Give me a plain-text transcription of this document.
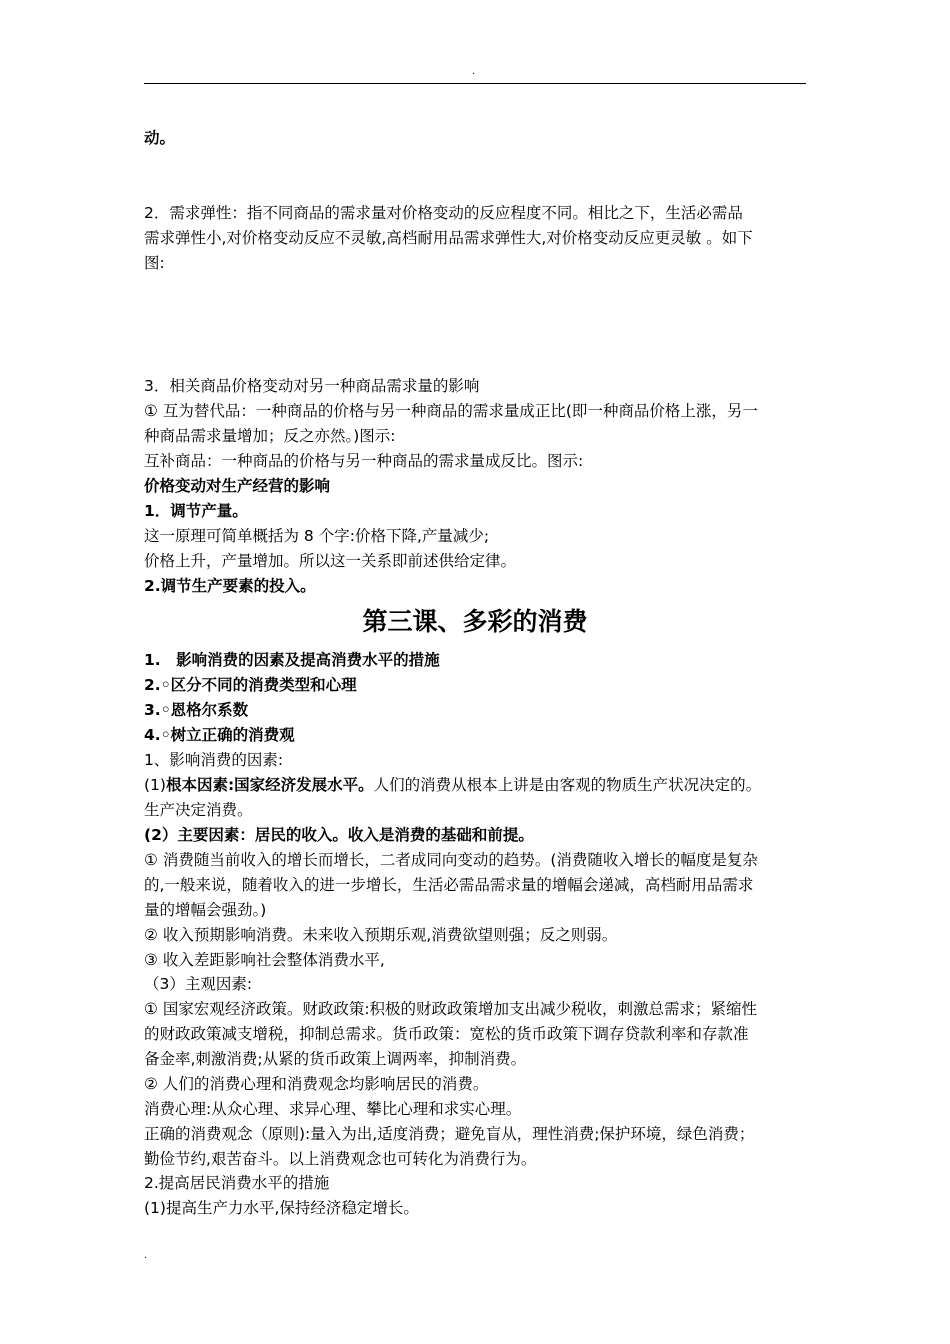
.
动。
2．需求弹性：指不同商品的需求量对价格变动的反应程度不同。相比之下，生活必需品
需求弹性小,对价格变动反应不灵敏,高档耐用品需求弹性大,对价格变动反应更灵敏 。如下
图:
3．相关商品价格变动对另一种商品需求量的影响
① 互为替代品：一种商品的价格与另一种商品的需求量成正比(即一种商品价格上涨，另一
种商品需求量增加；反之亦然。)图示:
互补商品：一种商品的价格与另一种商品的需求量成反比。图示:
价格变动对生产经营的影响
1．调节产量。
这一原理可简单概括为 8 个字:价格下降,产量减少;
价格上升，产量增加。所以这一关系即前述供给定律。
2.调节生产要素的投入。
第三课、多彩的消费
1.　影响消费的因素及提高消费水平的措施
2.◦区分不同的消费类型和心理
3.◦恩格尔系数
4.◦树立正确的消费观
1、影响消费的因素:
(1)根本因素:国家经济发展水平。人们的消费从根本上讲是由客观的物质生产状况决定的。
生产决定消费。
(2）主要因素：居民的收入。收入是消费的基础和前提。
① 消费随当前收入的增长而增长，二者成同向变动的趋势。(消费随收入增长的幅度是复杂
的,一般来说，随着收入的进一步增长，生活必需品需求量的增幅会递减，高档耐用品需求
量的增幅会强劲。)
② 收入预期影响消费。未来收入预期乐观,消费欲望则强；反之则弱。
③ 收入差距影响社会整体消费水平,
（3）主观因素:
① 国家宏观经济政策。财政政策:积极的财政政策增加支出减少税收，刺激总需求；紧缩性
的财政政策减支增税，抑制总需求。货币政策：宽松的货币政策下调存贷款利率和存款准
备金率,刺激消费;从紧的货币政策上调两率，抑制消费。
② 人们的消费心理和消费观念均影响居民的消费。
消费心理:从众心理、求异心理、攀比心理和求实心理。
正确的消费观念（原则):量入为出,适度消费；避免盲从，理性消费;保护环境，绿色消费；
勤俭节约,艰苦奋斗。以上消费观念也可转化为消费行为。
2.提高居民消费水平的措施
(1)提高生产力水平,保持经济稳定增长。
.
